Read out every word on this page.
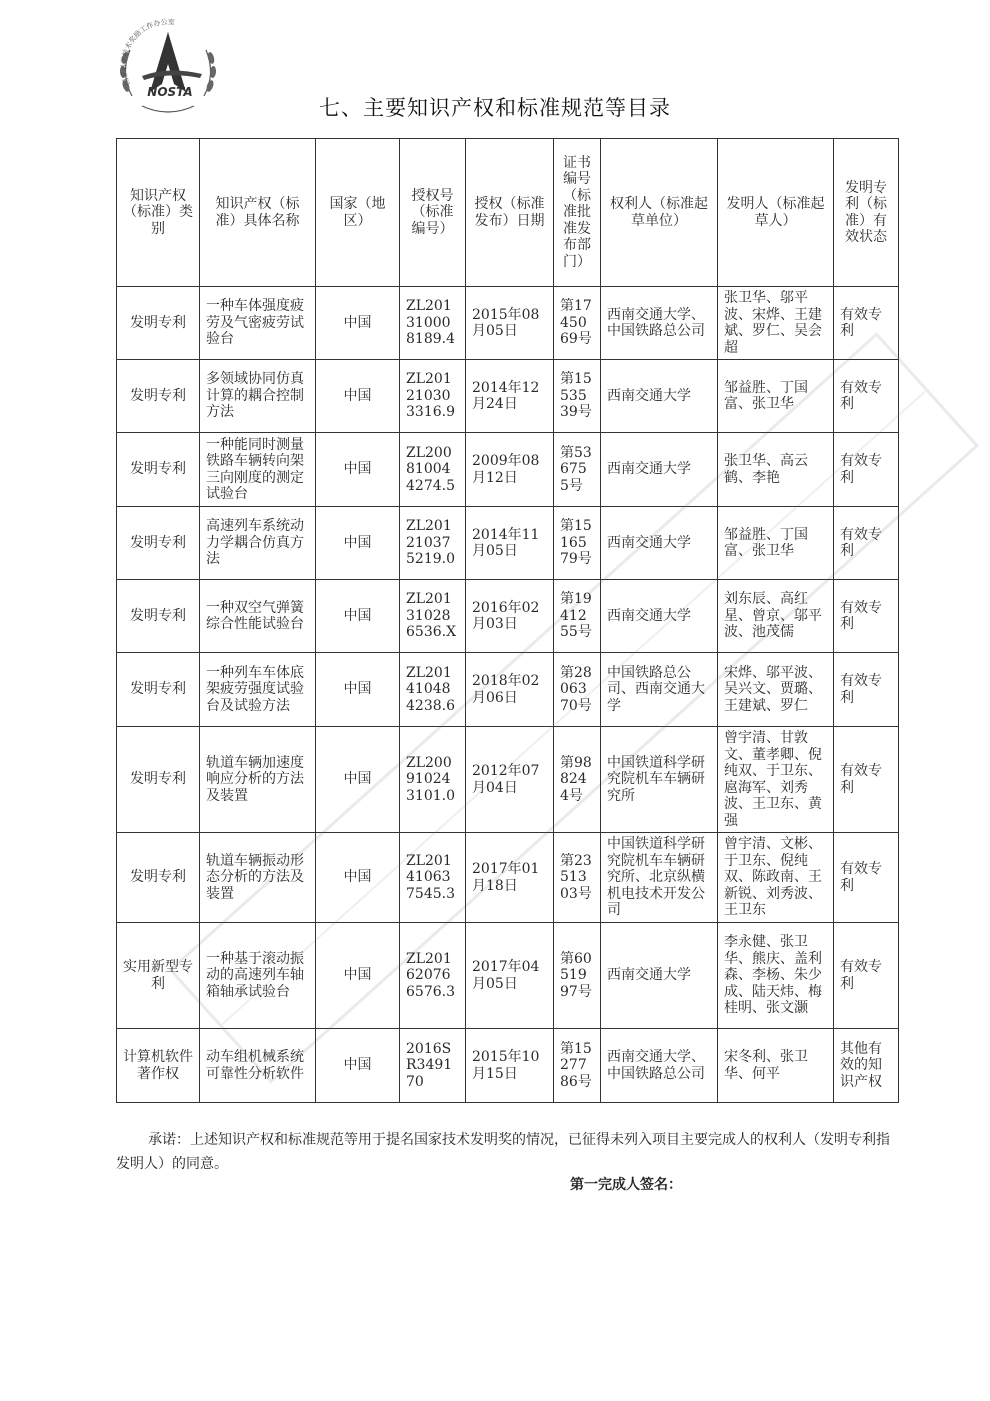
国家科学技术奖励工作办公室
NOSTA
七、主要知识产权和标准规范等目录
知识产权（标准）类别	知识产权（标准）具体名称	国家（地区）	授权号（标准编号）	授权（标准发布）日期	证书编号（标准批准发布部门）	权利人（标准起草单位）	发明人（标准起草人）	发明专利（标准）有效状态
发明专利	一种车体强度疲劳及气密疲劳试验台	中国	ZL201310008189.4	2015年08月05日	第1745069号	西南交通大学、中国铁路总公司	张卫华、邬平波、宋烨、王建斌、罗仁、吴会超	有效专利
发明专利	多领域协同仿真计算的耦合控制方法	中国	ZL201210303316.9	2014年12月24日	第1553539号	西南交通大学	邹益胜、丁国富、张卫华	有效专利
发明专利	一种能同时测量铁路车辆转向架三向刚度的测定试验台	中国	ZL200810044274.5	2009年08月12日	第536755号	西南交通大学	张卫华、高云鹤、李艳	有效专利
发明专利	高速列车系统动力学耦合仿真方法	中国	ZL201210375219.0	2014年11月05日	第1516579号	西南交通大学	邹益胜、丁国富、张卫华	有效专利
发明专利	一种双空气弹簧综合性能试验台	中国	ZL201310286536.X	2016年02月03日	第1941255号	西南交通大学	刘东辰、高红星、曾京、邬平波、池茂儒	有效专利
发明专利	一种列车车体底架疲劳强度试验台及试验方法	中国	ZL201410484238.6	2018年02月06日	第2806370号	中国铁路总公司、西南交通大学	宋烨、邬平波、吴兴文、贾璐、王建斌、罗仁	有效专利
发明专利	轨道车辆加速度响应分析的方法及装置	中国	ZL200910243101.0	2012年07月04日	第988244号	中国铁道科学研究院机车车辆研究所	曾宇清、甘敦文、董孝卿、倪纯双、于卫东、扈海军、刘秀波、王卫东、黄强	有效专利
发明专利	轨道车辆振动形态分析的方法及装置	中国	ZL201410637545.3	2017年01月18日	第2351303号	中国铁道科学研究院机车车辆研究所、北京纵横机电技术开发公司	曾宇清、文彬、于卫东、倪纯双、陈政南、王新锐、刘秀波、王卫东	有效专利
实用新型专利	一种基于滚动振动的高速列车轴箱轴承试验台	中国	ZL201620766576.3	2017年04月05日	第6051997号	西南交通大学	李永健、张卫华、熊庆、盖利森、李杨、朱少成、陆天炜、梅桂明、张文灏	有效专利
计算机软件著作权	动车组机械系统可靠性分析软件	中国	2016SR349170	2015年10月15日	第1527786号	西南交通大学、中国铁路总公司	宋冬利、张卫华、何平	其他有效的知识产权
承诺：上述知识产权和标准规范等用于提名国家技术发明奖的情况，已征得未列入项目主要完成人的权利人（发明专利指发明人）的同意。
第一完成人签名：
